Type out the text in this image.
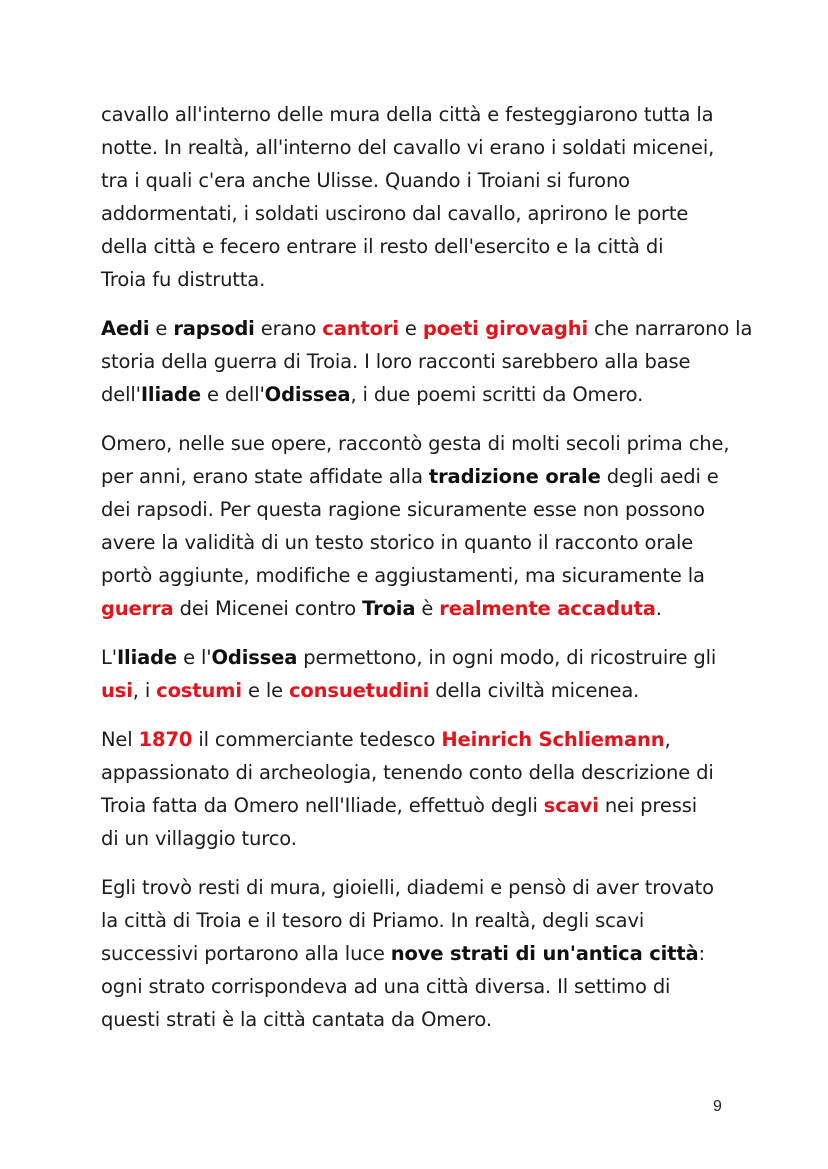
cavallo all'interno delle mura della città e festeggiarono tutta la
notte. In realtà, all'interno del cavallo vi erano i soldati micenei,
tra i quali c'era anche Ulisse. Quando i Troiani si furono
addormentati, i soldati uscirono dal cavallo, aprirono le porte
della città e fecero entrare il resto dell'esercito e la città di
Troia fu distrutta.

Aedi e rapsodi erano cantori e poeti girovaghi che narrarono la
storia della guerra di Troia. I loro racconti sarebbero alla base
dell'Iliade e dell'Odissea, i due poemi scritti da Omero.

Omero, nelle sue opere, raccontò gesta di molti secoli prima che,
per anni, erano state affidate alla tradizione orale degli aedi e
dei rapsodi. Per questa ragione sicuramente esse non possono
avere la validità di un testo storico in quanto il racconto orale
portò aggiunte, modifiche e aggiustamenti, ma sicuramente la
guerra dei Micenei contro Troia è realmente accaduta.

L'Iliade e l'Odissea permettono, in ogni modo, di ricostruire gli
usi, i costumi e le consuetudini della civiltà micenea.

Nel 1870 il commerciante tedesco Heinrich Schliemann,
appassionato di archeologia, tenendo conto della descrizione di
Troia fatta da Omero nell'Iliade, effettuò degli scavi nei pressi
di un villaggio turco.

Egli trovò resti di mura, gioielli, diademi e pensò di aver trovato
la città di Troia e il tesoro di Priamo. In realtà, degli scavi
successivi portarono alla luce nove strati di un'antica città:
ogni strato corrispondeva ad una città diversa. Il settimo di
questi strati è la città cantata da Omero.

9
